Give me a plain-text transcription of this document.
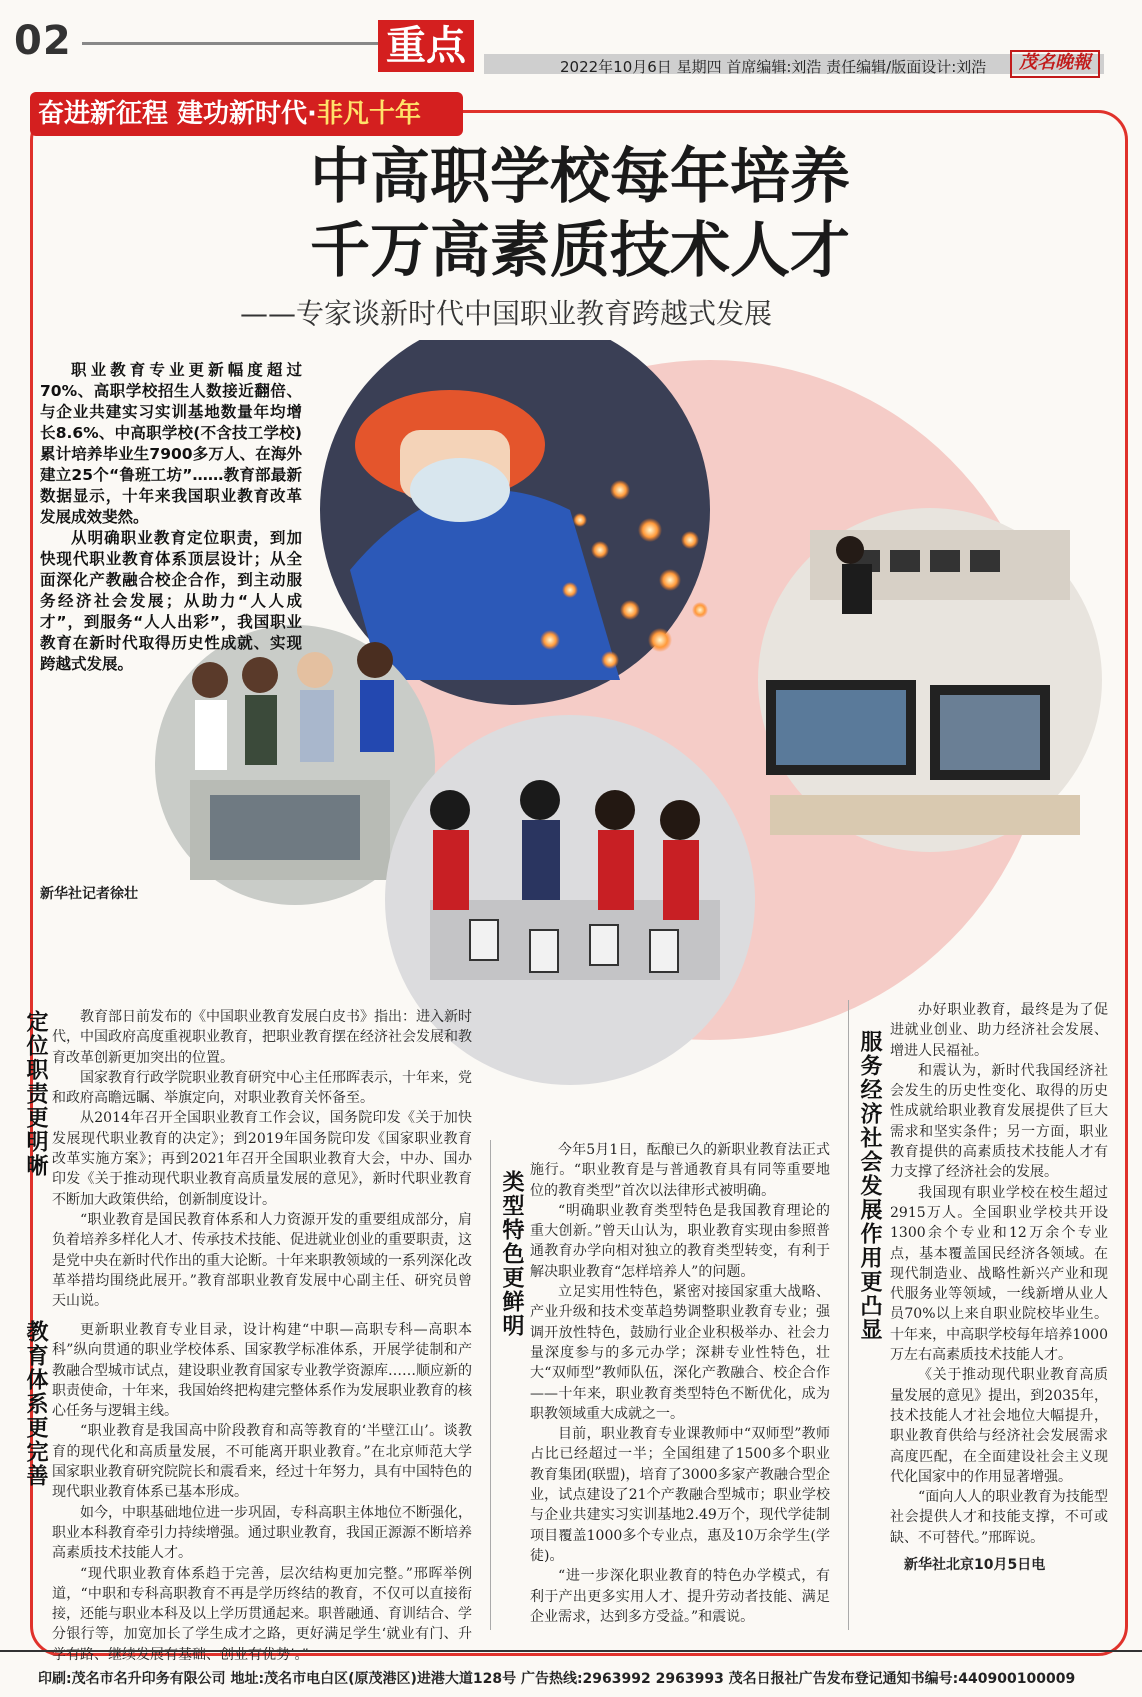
02	重点	2022年10月6日 星期四 首席编辑:刘浩 责任编辑/版面设计:刘浩	茂名晚報
奋进新征程 建功新时代·非凡十年
中高职学校每年培养
千万高素质技术人才
——专家谈新时代中国职业教育跨越式发展

职业教育专业更新幅度超过70%、高职学校招生人数接近翻倍、与企业共建实习实训基地数量年均增长8.6%、中高职学校(不含技工学校)累计培养毕业生7900多万人、在海外建立25个“鲁班工坊”……教育部最新数据显示，十年来我国职业教育改革发展成效斐然。

从明确职业教育定位职责，到加快现代职业教育体系顶层设计；从全面深化产教融合校企合作，到主动服务经济社会发展；从助力“人人成才”，到服务“人人出彩”，我国职业教育在新时代取得历史性成就、实现跨越式发展。

新华社记者徐壮
定位职责更明晰	教育部日前发布的《中国职业教育发展白皮书》指出：进入新时代，中国政府高度重视职业教育，把职业教育摆在经济社会发展和教育改革创新更加突出的位置。

国家教育行政学院职业教育研究中心主任邢晖表示，十年来，党和政府高瞻远瞩、举旗定向，对职业教育关怀备至。

从2014年召开全国职业教育工作会议，国务院印发《关于加快发展现代职业教育的决定》；到2019年国务院印发《国家职业教育改革实施方案》；再到2021年召开全国职业教育大会，中办、国办印发《关于推动现代职业教育高质量发展的意见》，新时代职业教育不断加大政策供给，创新制度设计。

“职业教育是国民教育体系和人力资源开发的重要组成部分，肩负着培养多样化人才、传承技术技能、促进就业创业的重要职责，这是党中央在新时代作出的重大论断。十年来职教领域的一系列深化改革举措均围绕此展开。”教育部职业教育发展中心副主任、研究员曾天山说。

教育体系更完善	更新职业教育专业目录，设计构建“中职—高职专科—高职本科”纵向贯通的职业学校体系、国家教学标准体系，开展学徒制和产教融合型城市试点，建设职业教育国家专业教学资源库……顺应新的职责使命，十年来，我国始终把构建完整体系作为发展职业教育的核心任务与逻辑主线。

“职业教育是我国高中阶段教育和高等教育的‘半壁江山’。谈教育的现代化和高质量发展，不可能离开职业教育。”在北京师范大学国家职业教育研究院院长和震看来，经过十年努力，具有中国特色的现代职业教育体系已基本形成。

如今，中职基础地位进一步巩固，专科高职主体地位不断强化，职业本科教育牵引力持续增强。通过职业教育，我国正源源不断培养高素质技术技能人才。

“现代职业教育体系趋于完善，层次结构更加完整。”邢晖举例道，“中职和专科高职教育不再是学历终结的教育，不仅可以直接衔接，还能与职业本科及以上学历贯通起来。职普融通、育训结合、学分银行等，加宽加长了学生成才之路，更好满足学生‘就业有门、升学有路、继续发展有基础、创业有优势’。”

类型特色更鲜明

今年5月1日，酝酿已久的新职业教育法正式施行。“职业教育是与普通教育具有同等重要地位的教育类型”首次以法律形式被明确。

“明确职业教育类型特色是我国教育理论的重大创新。”曾天山认为，职业教育实现由参照普通教育办学向相对独立的教育类型转变，有利于解决职业教育“怎样培养人”的问题。

立足实用性特色，紧密对接国家重大战略、产业升级和技术变革趋势调整职业教育专业；强调开放性特色，鼓励行业企业积极举办、社会力量深度参与的多元办学；深耕专业性特色，壮大“双师型”教师队伍，深化产教融合、校企合作——十年来，职业教育类型特色不断优化，成为职教领域重大成就之一。

目前，职业教育专业课教师中“双师型”教师占比已经超过一半；全国组建了1500多个职业教育集团(联盟)，培育了3000多家产教融合型企业，试点建设了21个产教融合型城市；职业学校与企业共建实习实训基地2.49万个，现代学徒制项目覆盖1000多个专业点，惠及10万余学生(学徒)。

“进一步深化职业教育的特色办学模式，有利于产出更多实用人才、提升劳动者技能、满足企业需求，达到多方受益。”和震说。

服务经济社会发展作用更凸显

办好职业教育，最终是为了促进就业创业、助力经济社会发展、增进人民福祉。

和震认为，新时代我国经济社会发生的历史性变化、取得的历史性成就给职业教育发展提供了巨大需求和坚实条件；另一方面，职业教育提供的高素质技术技能人才有力支撑了经济社会的发展。

我国现有职业学校在校生超过2915万人。全国职业学校共开设1300余个专业和12万余个专业点，基本覆盖国民经济各领域。在现代制造业、战略性新兴产业和现代服务业等领域，一线新增从业人员70%以上来自职业院校毕业生。十年来，中高职学校每年培养1000万左右高素质技术技能人才。

《关于推动现代职业教育高质量发展的意见》提出，到2035年，技术技能人才社会地位大幅提升，职业教育供给与经济社会发展需求高度匹配，在全面建设社会主义现代化国家中的作用显著增强。

“面向人人的职业教育为技能型社会提供人才和技能支撑，不可或缺、不可替代。”邢晖说。

新华社北京10月5日电
印刷:茂名市名升印务有限公司 地址:茂名市电白区(原茂港区)进港大道128号 广告热线:2963992 2963993 茂名日报社广告发布登记通知书编号:440900100009
